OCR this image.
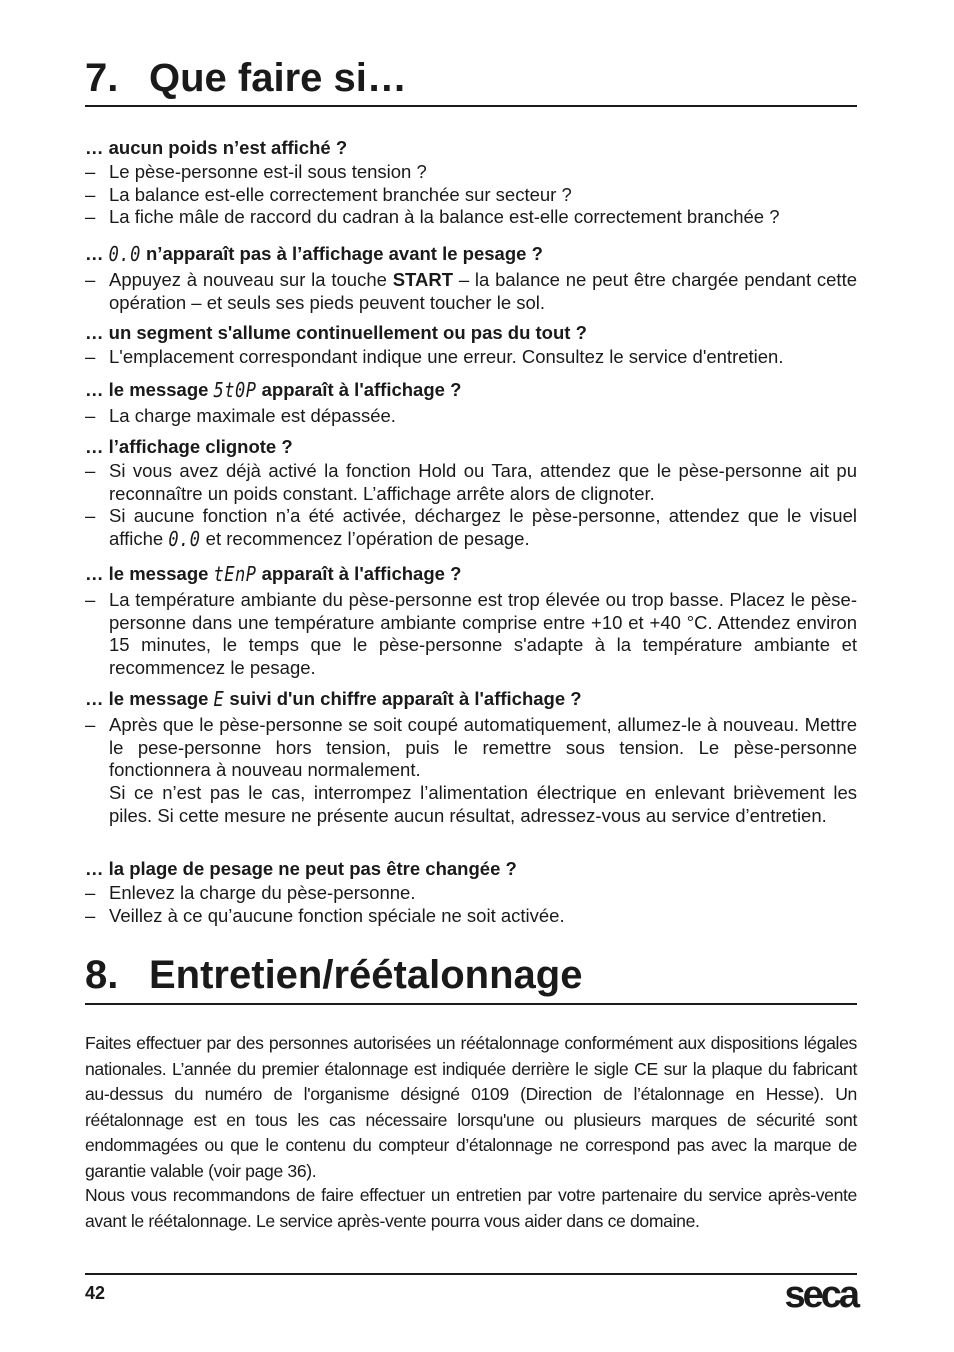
7. Que faire si…

… aucun poids n’est affiché ?

– Le pèse-personne est-il sous tension ?
– La balance est-elle correctement branchée sur secteur ?
– La fiche mâle de raccord du cadran à la balance est-elle correctement branchée ?

… 0.0 n’apparaît pas à l’affichage avant le pesage ?

– Appuyez à nouveau sur la touche START – la balance ne peut être chargée pendant cette opération – et seuls ses pieds peuvent toucher le sol.

… un segment s'allume continuellement ou pas du tout ?

– L'emplacement correspondant indique une erreur. Consultez le service d'entretien.

… le message 5t0P apparaît à l'affichage ?

– La charge maximale est dépassée.

… l’affichage clignote ?

– Si vous avez déjà activé la fonction Hold ou Tara, attendez que le pèse-personne ait pu reconnaître un poids constant. L’affichage arrête alors de clignoter.
– Si aucune fonction n’a été activée, déchargez le pèse-personne, attendez que le visuel affiche 0.0 et recommencez l’opération de pesage.

… le message tEnP apparaît à l'affichage ?

– La température ambiante du pèse-personne est trop élevée ou trop basse. Placez le pèse-personne dans une température ambiante comprise entre +10 et +40 °C. Attendez environ 15 minutes, le temps que le pèse-personne s'adapte à la température ambiante et recommencez le pesage.

… le message E suivi d'un chiffre apparaît à l'affichage ?

– Après que le pèse-personne se soit coupé automatiquement, allumez-le à nouveau. Mettre le pese-personne hors tension, puis le remettre sous tension. Le pèse-personne fonctionnera à nouveau normalement.
Si ce n’est pas le cas, interrompez l’alimentation électrique en enlevant brièvement les piles. Si cette mesure ne présente aucun résultat, adressez-vous au service d’entretien.

… la plage de pesage ne peut pas être changée ?

– Enlevez la charge du pèse-personne.
– Veillez à ce qu’aucune fonction spéciale ne soit activée.
8. Entretien/réétalonnage

Faites effectuer par des personnes autorisées un réétalonnage conformément aux dispositions légales nationales. L’année du premier étalonnage est indiquée derrière le sigle CE sur la plaque du fabricant au-dessus du numéro de l'organisme désigné 0109 (Direction de l’étalonnage en Hesse). Un réétalonnage est en tous les cas nécessaire lorsqu'une ou plusieurs marques de sécurité sont endommagées ou que le contenu du compteur d’étalonnage ne correspond pas avec la marque de garantie valable (voir page 36).

Nous vous recommandons de faire effectuer un entretien par votre partenaire du service après-vente avant le réétalonnage. Le service après-vente pourra vous aider dans ce domaine.

42	seca
